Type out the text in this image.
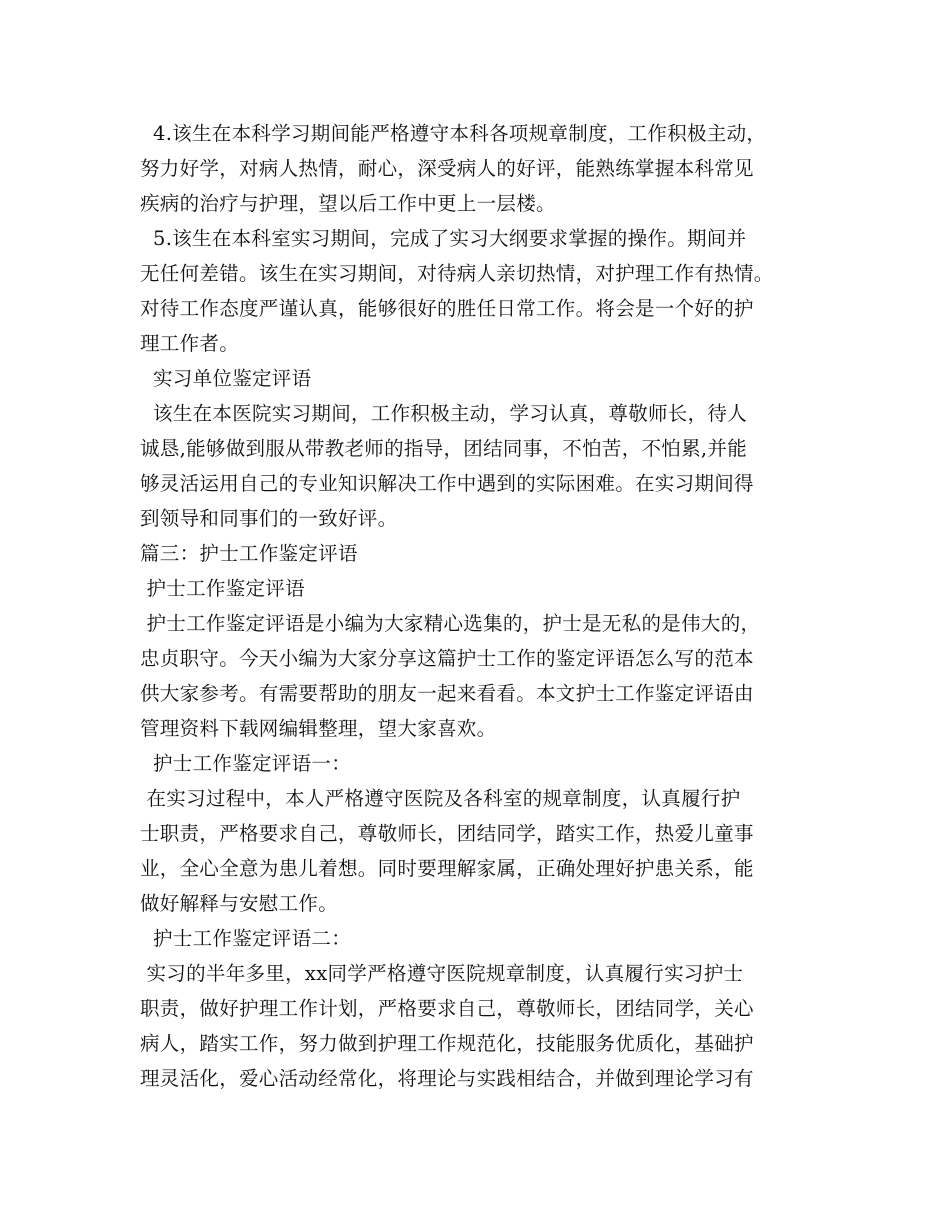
4.该生在本科学习期间能严格遵守本科各项规章制度，工作积极主动，
努力好学，对病人热情，耐心，深受病人的好评，能熟练掌握本科常见
疾病的治疗与护理，望以后工作中更上一层楼。
5.该生在本科室实习期间，完成了实习大纲要求掌握的操作。期间并
无任何差错。该生在实习期间，对待病人亲切热情，对护理工作有热情。
对待工作态度严谨认真，能够很好的胜任日常工作。将会是一个好的护
理工作者。
实习单位鉴定评语
该生在本医院实习期间，工作积极主动，学习认真，尊敬师长，待人
诚恳,能够做到服从带教老师的指导，团结同事，不怕苦，不怕累,并能
够灵活运用自己的专业知识解决工作中遇到的实际困难。在实习期间得
到领导和同事们的一致好评。
篇三：护士工作鉴定评语
护士工作鉴定评语
护士工作鉴定评语是小编为大家精心选集的，护士是无私的是伟大的，
忠贞职守。今天小编为大家分享这篇护士工作的鉴定评语怎么写的范本
供大家参考。有需要帮助的朋友一起来看看。本文护士工作鉴定评语由
管理资料下载网编辑整理，望大家喜欢。
护士工作鉴定评语一：
在实习过程中，本人严格遵守医院及各科室的规章制度，认真履行护
士职责，严格要求自己，尊敬师长，团结同学，踏实工作，热爱儿童事
业，全心全意为患儿着想。同时要理解家属，正确处理好护患关系，能
做好解释与安慰工作。
护士工作鉴定评语二：
实习的半年多里，xx同学严格遵守医院规章制度，认真履行实习护士
职责，做好护理工作计划，严格要求自己，尊敬师长，团结同学，关心
病人，踏实工作，努力做到护理工作规范化，技能服务优质化，基础护
理灵活化，爱心活动经常化，将理论与实践相结合，并做到理论学习有
